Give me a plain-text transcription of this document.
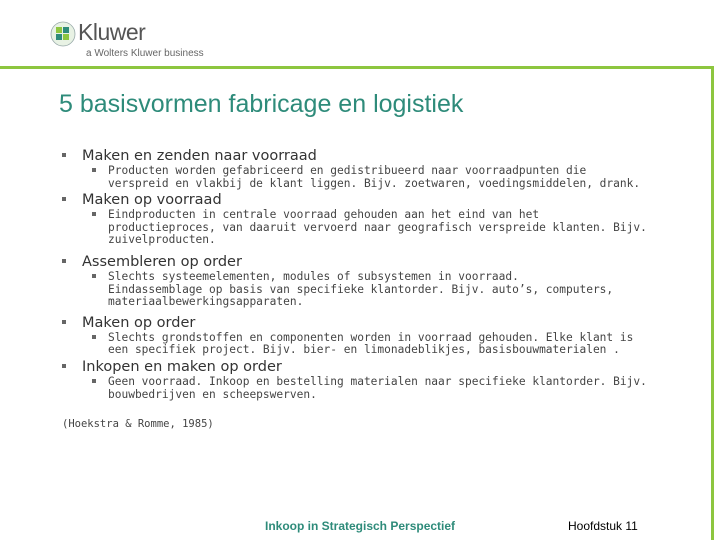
Kluwer
a Wolters Kluwer business
5 basisvormen fabricage en logistiek
Maken en zenden naar voorraad
Producten worden gefabriceerd en gedistribueerd naar voorraadpunten die
verspreid en vlakbij de klant liggen. Bijv. zoetwaren, voedingsmiddelen, drank.
Maken op voorraad
Eindproducten in centrale voorraad gehouden aan het eind van het
productieproces, van daaruit vervoerd naar geografisch verspreide klanten. Bijv.
zuivelproducten.
Assembleren op order
Slechts systeemelementen, modules of subsystemen in voorraad.
Eindassemblage op basis van specifieke klantorder. Bijv. auto’s, computers,
materiaalbewerkingsapparaten.
Maken op order
Slechts grondstoffen en componenten worden in voorraad gehouden. Elke klant is
een specifiek project. Bijv. bier- en limonadeblikjes, basisbouwmaterialen .
Inkopen en maken op order
Geen voorraad. Inkoop en bestelling materialen naar specifieke klantorder. Bijv.
bouwbedrijven en scheepswerven.
(Hoekstra & Romme, 1985)
Inkoop in Strategisch Perspectief	Hoofdstuk 11
